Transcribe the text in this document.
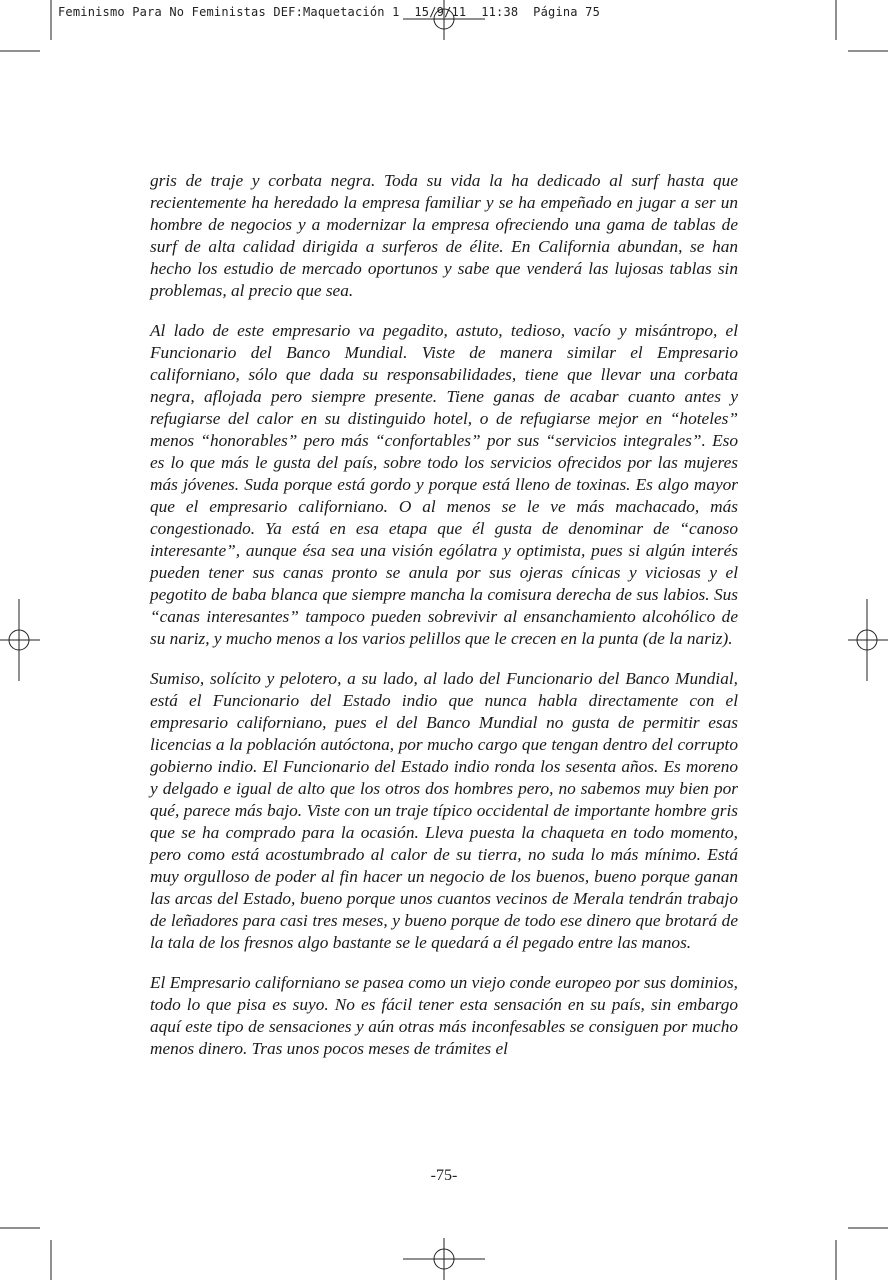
Feminismo Para No Feministas DEF:Maquetación 1  15/9/11  11:38  Página 75

gris de traje y corbata negra. Toda su vida la ha dedicado al surf hasta que recientemente ha heredado la empresa familiar y se ha empeñado en jugar a ser un hombre de negocios y a modernizar la empresa ofreciendo una gama de tablas de surf de alta calidad dirigida a surferos de élite. En California abundan, se han hecho los estudio de mercado oportunos y sabe que venderá las lujosas tablas sin problemas, al precio que sea.

Al lado de este empresario va pegadito, astuto, tedioso, vacío y misántropo, el Funcionario del Banco Mundial. Viste de manera similar el Empresario californiano, sólo que dada su responsabilidades, tiene que llevar una corbata negra, aflojada pero siempre presente. Tiene ganas de acabar cuanto antes y refugiarse del calor en su distinguido hotel, o de refugiarse mejor en “hoteles” menos “honorables” pero más “confortables” por sus “servicios integrales”. Eso es lo que más le gusta del país, sobre todo los servicios ofrecidos por las mujeres más jóvenes. Suda porque está gordo y porque está lleno de toxinas. Es algo mayor que el empresario californiano. O al menos se le ve más machacado, más congestionado. Ya está en esa etapa que él gusta de denominar de “canoso interesante”, aunque ésa sea una visión ególatra y optimista, pues si algún interés pueden tener sus canas pronto se anula por sus ojeras cínicas y viciosas y el pegotito de baba blanca que siempre mancha la comisura derecha de sus labios. Sus “canas interesantes” tampoco pueden sobrevivir al ensanchamiento alcohólico de su nariz, y mucho menos a los varios pelillos que le crecen en la punta (de la nariz).

Sumiso, solícito y pelotero, a su lado, al lado del Funcionario del Banco Mundial, está el Funcionario del Estado indio que nunca habla directamente con el empresario californiano, pues el del Banco Mundial no gusta de permitir esas licencias a la población autóctona, por mucho cargo que tengan dentro del corrupto gobierno indio. El Funcionario del Estado indio ronda los sesenta años. Es moreno y delgado e igual de alto que los otros dos hombres pero, no sabemos muy bien por qué, parece más bajo. Viste con un traje típico occidental de importante hombre gris que se ha comprado para la ocasión. Lleva puesta la chaqueta en todo momento, pero como está acostumbrado al calor de su tierra, no suda lo más mínimo. Está muy orgulloso de poder al fin hacer un negocio de los buenos, bueno porque ganan las arcas del Estado, bueno porque unos cuantos vecinos de Merala tendrán trabajo de leñadores para casi tres meses, y bueno porque de todo ese dinero que brotará de la tala de los fresnos algo bastante se le quedará a él pegado entre las manos.

El Empresario californiano se pasea como un viejo conde europeo por sus dominios, todo lo que pisa es suyo. No es fácil tener esta sensación en su país, sin embargo aquí este tipo de sensaciones y aún otras más inconfesables se consiguen por mucho menos dinero. Tras unos pocos meses de trámites el

-75-
